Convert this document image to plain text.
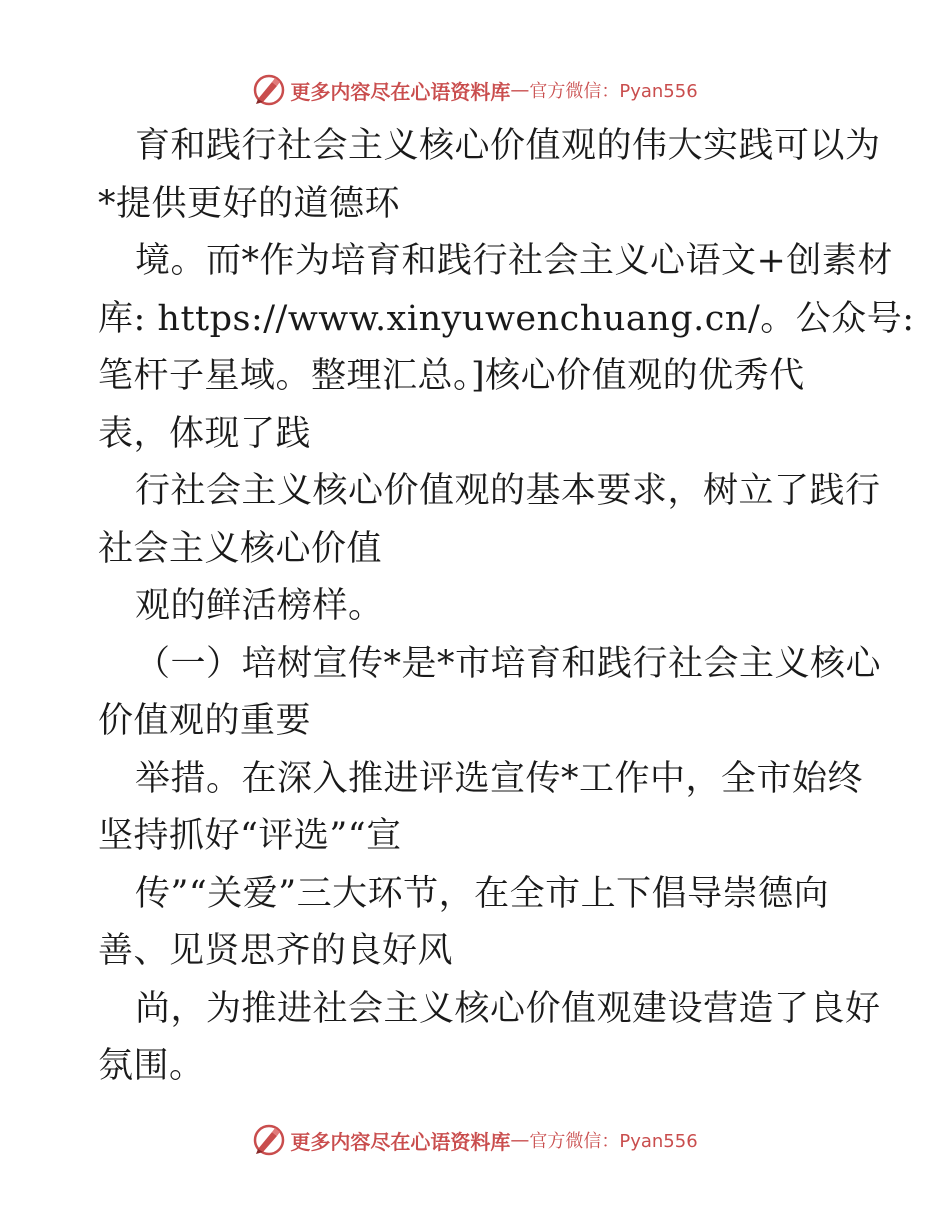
更多内容尽在心语资料库 — 官方微信：Pyan556
育和践行社会主义核心价值观的伟大实践可以为
*提供更好的道德环
境。而*作为培育和践行社会主义心语文+创素材
库: https://www.xinyuwenchuang.cn/。公众号:
笔杆子星域。整理汇总。]核心价值观的优秀代
表，体现了践
行社会主义核心价值观的基本要求，树立了践行
社会主义核心价值
观的鲜活榜样。
（一）培树宣传*是*市培育和践行社会主义核心
价值观的重要
举措。在深入推进评选宣传*工作中，全市始终
坚持抓好“评选”“宣
传”“关爱”三大环节，在全市上下倡导崇德向
善、见贤思齐的良好风
尚，为推进社会主义核心价值观建设营造了良好
氛围。
更多内容尽在心语资料库 — 官方微信：Pyan556
